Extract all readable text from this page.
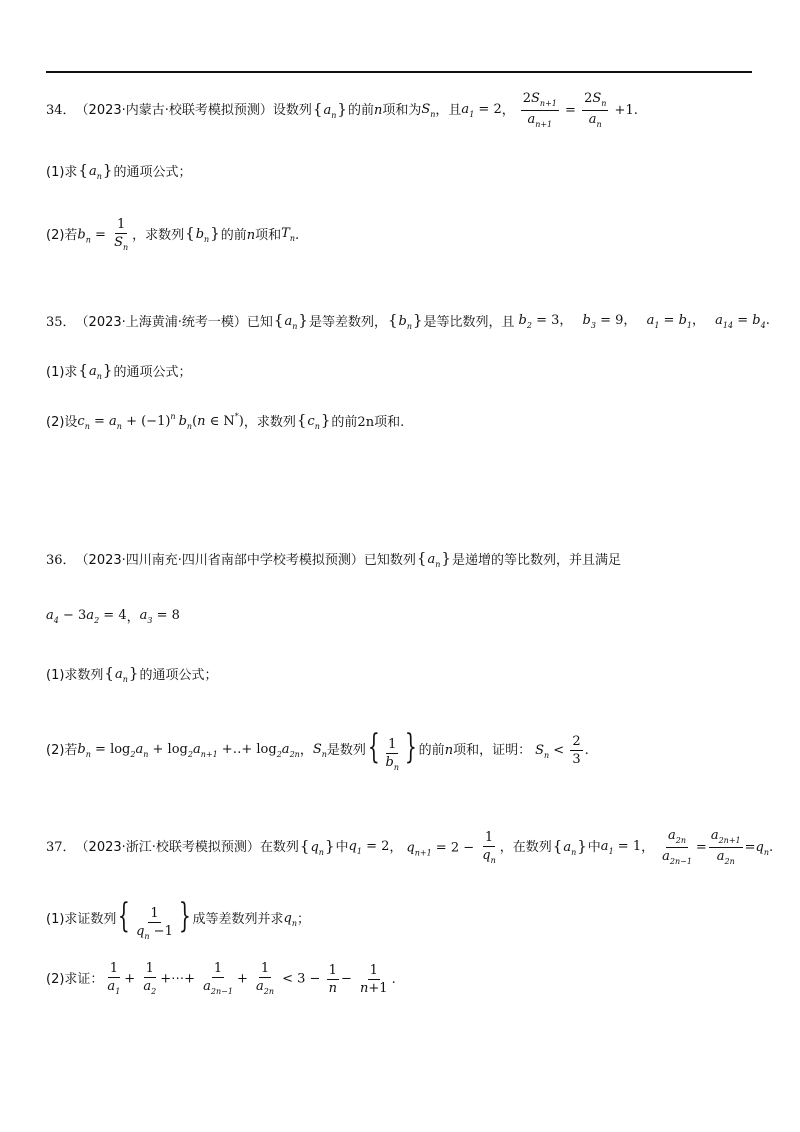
34． （2023·内蒙古·校联考模拟预测） 设数列 $\{a_n\}$ 的前 n 项和为 $S_n$ ，且 $a_1 = 2$ ， $\frac{2S_{n+1}}{a_{n+1}} = \frac{2S_n}{a_n} +1$ .
(1)求 $\{a_n\}$ 的通项公式；
(2)若 $b_n = \frac{1}{S_n}$ ，求数列 $\{b_n\}$ 的前 n 项和 $T_n$ .
35． （2023·上海黄浦·统考一模） 已知 $\{a_n\}$ 是等差数列， $\{b_n\}$ 是等比数列，且 $b_2 = 3$， $b_3 = 9$， $a_1 = b_1$， $a_{14} = b_4$.
(1)求 $\{a_n\}$ 的通项公式；
(2)设 $c_n = a_n + (-1)^n$ $b_n(n$ ∈ N*) ，求数列 $\{c_n\}$ 的前 2n 项和.
36． （2023·四川南充·四川省南部中学校考模拟预测） 已知数列 $\{a_n\}$ 是递增的等比数列，并且满足
$a_4 - 3a_2 = 4$ ， $a_3 = 8$
(1)求数列 $\{a_n\}$ 的通项公式；
(2)若 $b_n = \log_2a_n + \log_2a_{n+1}$ +‥+ $\log_2a_{2n}$ ， $S_n$ 是数列 { $\frac{1}{b_n}$ } 的前 n 项和，证明： $S_n < \frac{2}{3}$ .
37． （2023·浙江·校联考模拟预测） 在数列 $\{q_n\}$ 中 $q_1 = 2$ ， $q_{n+1} = 2 - \frac{1}{q_n}$ ，在数列 $\{a_n\}$ 中 $a_1 = 1$ ， $\frac{a_{2n}}{a_{2n-1}} = \frac{a_{2n+1}}{a_{2n}} =q_n$ .
(1)求证数列 { $\frac{1}{q_n -1}$ } 成等差数列并求 $q_n$ ；
(2)求证： $\frac{1}{a_1} + \frac{1}{a_2}$ +⋯+ $\frac{1}{a_{2n-1}} + \frac{1}{a_{2n}} < 3 - \frac{1}{n} - \frac{1}{n+1}$ .
